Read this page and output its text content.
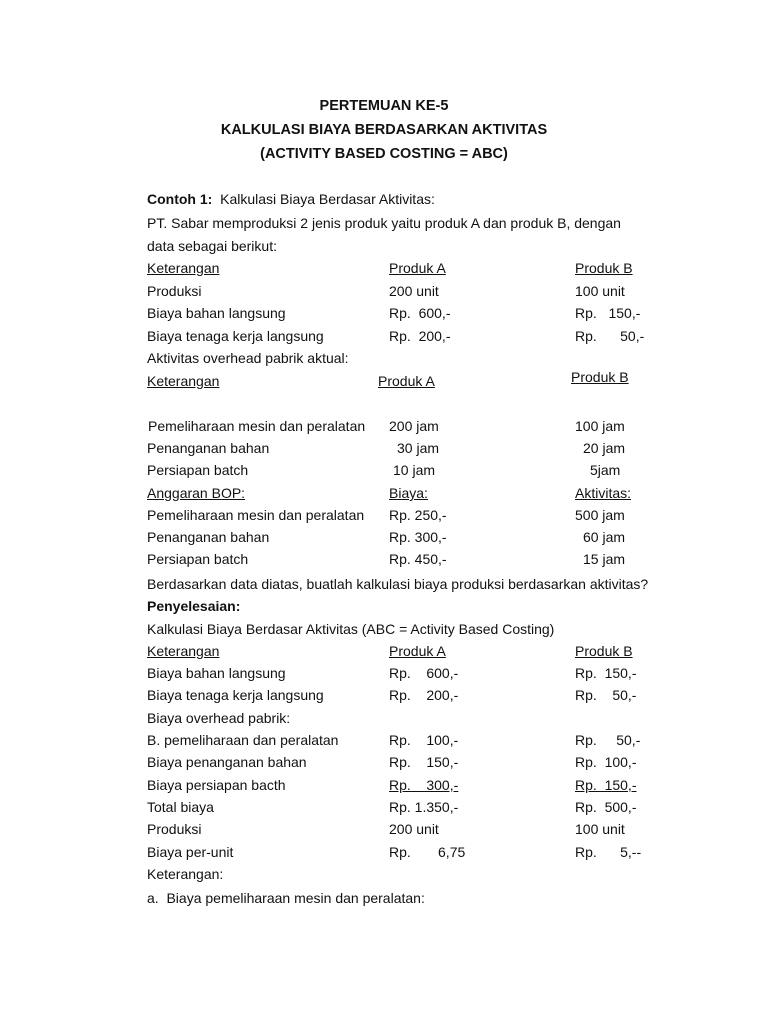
PERTEMUAN KE-5
KALKULASI BIAYA BERDASARKAN AKTIVITAS
(ACTIVITY BASED COSTING = ABC)
Contoh 1: Kalkulasi Biaya Berdasar Aktivitas:
PT. Sabar memproduksi 2 jenis produk yaitu produk A dan produk B, dengan
data sebagai berikut:
Keterangan	Produk A	Produk B
Produksi	200 unit	100 unit
Biaya bahan langsung	Rp.  600,-	Rp.   150,-
Biaya tenaga kerja langsung	Rp.  200,-	Rp.      50,-
Aktivitas overhead pabrik aktual:
Keterangan	Produk A	Produk B
Pemeliharaan mesin dan peralatan 200 jam	100 jam
Penanganan bahan	30 jam	20 jam
Persiapan batch	10 jam	5jam
Anggaran BOP:	Biaya:	Aktivitas:
Pemeliharaan mesin dan peralatan Rp. 250,-	500 jam
Penanganan bahan	Rp. 300,-	60 jam
Persiapan batch	Rp. 450,-	15 jam
Berdasarkan data diatas, buatlah kalkulasi biaya produksi berdasarkan aktivitas?
Penyelesaian:
Kalkulasi Biaya Berdasar Aktivitas (ABC = Activity Based Costing)
Keterangan	Produk A	Produk B
Biaya bahan langsung	Rp.    600,-	Rp.  150,-
Biaya tenaga kerja langsung	Rp.    200,-	Rp.    50,-
Biaya overhead pabrik:
B. pemeliharaan dan peralatan	Rp.    100,-	Rp.     50,-
Biaya penanganan bahan	Rp.    150,-	Rp.  100,-
Biaya persiapan bacth	Rp.    300,-	Rp.  150,-
Total biaya	Rp. 1.350,-	Rp.  500,-
Produksi	200 unit	100 unit
Biaya per-unit	Rp.       6,75	Rp.      5,--
Keterangan:
a.  Biaya pemeliharaan mesin dan peralatan:
